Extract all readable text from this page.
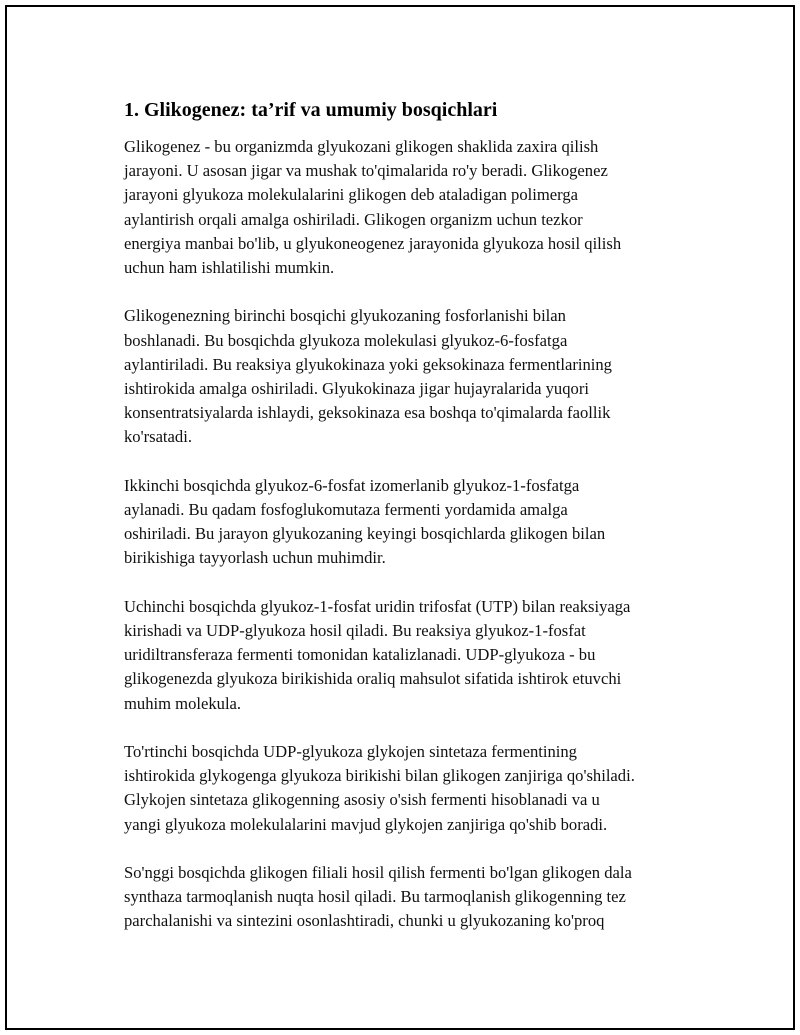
1. Glikogenez: ta’rif va umumiy bosqichlari
Glikogenez - bu organizmda glyukozani glikogen shaklida zaxira qilish
jarayoni. U asosan jigar va mushak to'qimalarida ro'y beradi. Glikogenez
jarayoni glyukoza molekulalarini glikogen deb ataladigan polimerga
aylantirish orqali amalga oshiriladi. Glikogen organizm uchun tezkor
energiya manbai bo'lib, u glyukoneogenez jarayonida glyukoza hosil qilish
uchun ham ishlatilishi mumkin.
Glikogenezning birinchi bosqichi glyukozaning fosforlanishi bilan
boshlanadi. Bu bosqichda glyukoza molekulasi glyukoz-6-fosfatga
aylantiriladi. Bu reaksiya glyukokinaza yoki geksokinaza fermentlarining
ishtirokida amalga oshiriladi. Glyukokinaza jigar hujayralarida yuqori
konsentratsiyalarda ishlaydi, geksokinaza esa boshqa to'qimalarda faollik
ko'rsatadi.
Ikkinchi bosqichda glyukoz-6-fosfat izomerlanib glyukoz-1-fosfatga
aylanadi. Bu qadam fosfoglukomutaza fermenti yordamida amalga
oshiriladi. Bu jarayon glyukozaning keyingi bosqichlarda glikogen bilan
birikishiga tayyorlash uchun muhimdir.
Uchinchi bosqichda glyukoz-1-fosfat uridin trifosfat (UTP) bilan reaksiyaga
kirishadi va UDP-glyukoza hosil qiladi. Bu reaksiya glyukoz-1-fosfat
uridiltransferaza fermenti tomonidan katalizlanadi. UDP-glyukoza - bu
glikogenezda glyukoza birikishida oraliq mahsulot sifatida ishtirok etuvchi
muhim molekula.
To'rtinchi bosqichda UDP-glyukoza glykojen sintetaza fermentining
ishtirokida glykogenga glyukoza birikishi bilan glikogen zanjiriga qo'shiladi.
Glykojen sintetaza glikogenning asosiy o'sish fermenti hisoblanadi va u
yangi glyukoza molekulalarini mavjud glykojen zanjiriga qo'shib boradi.
So'nggi bosqichda glikogen filiali hosil qilish fermenti bo'lgan glikogen dala
synthaza tarmoqlanish nuqta hosil qiladi. Bu tarmoqlanish glikogenning tez
parchalanishi va sintezini osonlashtiradi, chunki u glyukozaning ko'proq
